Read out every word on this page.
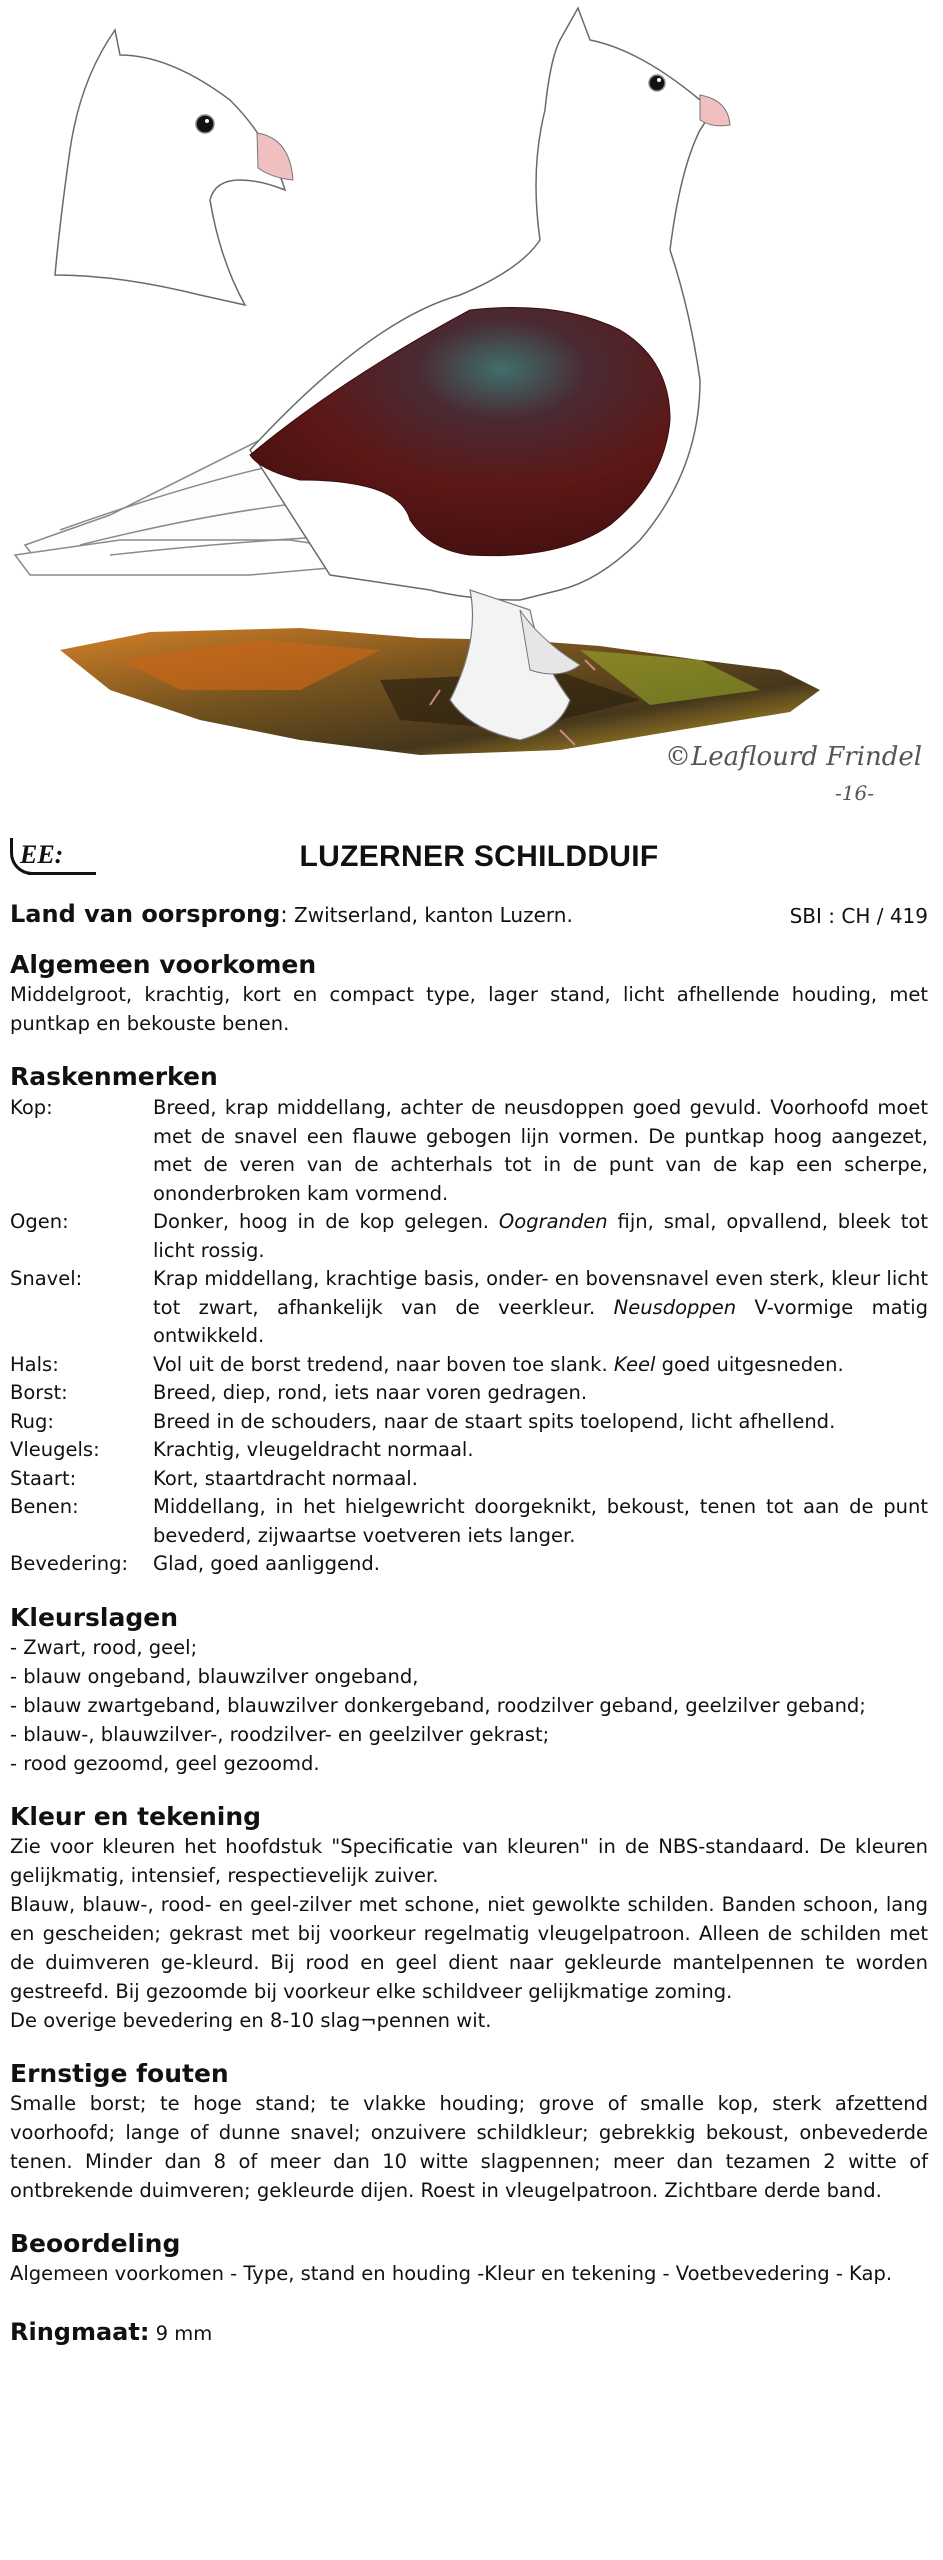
©Leaflourd Frindel
-16-
EE:	LUZERNER SCHILDDUIF
Land van oorsprong: Zwitserland, kanton Luzern.	SBI : CH / 419
Algemeen voorkomen

Middelgroot, krachtig, kort en compact type, lager stand, licht afhellende houding, met puntkap en bekouste benen.

Raskenmerken
Kop:	Breed, krap middellang, achter de neusdoppen goed gevuld. Voorhoofd moet met de snavel een flauwe gebogen lijn vormen. De puntkap hoog aangezet, met de veren van de achterhals tot in de punt van de kap een scherpe, ononderbroken kam vormend.
Ogen:	Donker, hoog in de kop gelegen. Oogranden fijn, smal, opvallend, bleek tot licht rossig.
Snavel:	Krap middellang, krachtige basis, onder- en bovensnavel even sterk, kleur licht tot zwart, afhankelijk van de veerkleur. Neusdoppen V-vormige matig ontwikkeld.
Hals:	Vol uit de borst tredend, naar boven toe slank. Keel goed uitgesneden.
Borst:	Breed, diep, rond, iets naar voren gedragen.
Rug:	Breed in de schouders, naar de staart spits toelopend, licht afhellend.
Vleugels:	Krachtig, vleugeldracht normaal.
Staart:	Kort, staartdracht normaal.
Benen:	Middellang, in het hielgewricht doorgeknikt, bekoust, tenen tot aan de punt bevederd, zijwaartse voetveren iets langer.
Bevedering:	Glad, goed aanliggend.
Kleurslagen
- Zwart, rood, geel;
- blauw ongeband, blauwzilver ongeband,
- blauw zwartgeband, blauwzilver donkergeband, roodzilver geband, geelzilver geband;
- blauw-, blauwzilver-, roodzilver- en geelzilver gekrast;
- rood gezoomd, geel gezoomd.
Kleur en tekening

Zie voor kleuren het hoofdstuk "Specificatie van kleuren" in de NBS-standaard. De kleuren gelijkmatig, intensief, respectievelijk zuiver.

Blauw, blauw-, rood- en geel-zilver met schone, niet gewolkte schilden. Banden schoon, lang en gescheiden; gekrast met bij voorkeur regelmatig vleugelpatroon. Alleen de schilden met de duimveren ge-kleurd. Bij rood en geel dient naar gekleurde mantelpennen te worden gestreefd. Bij gezoomde bij voorkeur elke schildveer gelijkmatige zoming.

De overige bevedering en 8-10 slag¬pennen wit.

Ernstige fouten

Smalle borst; te hoge stand; te vlakke houding; grove of smalle kop, sterk afzettend voorhoofd; lange of dunne snavel; onzuivere schildkleur; gebrekkig bekoust, onbevederde tenen. Minder dan 8 of meer dan 10 witte slagpennen; meer dan tezamen 2 witte of ontbrekende duimveren; gekleurde dijen. Roest in vleugelpatroon. Zichtbare derde band.

Beoordeling

Algemeen voorkomen - Type, stand en houding -Kleur en tekening - Voetbevedering - Kap.

Ringmaat: 9 mm
